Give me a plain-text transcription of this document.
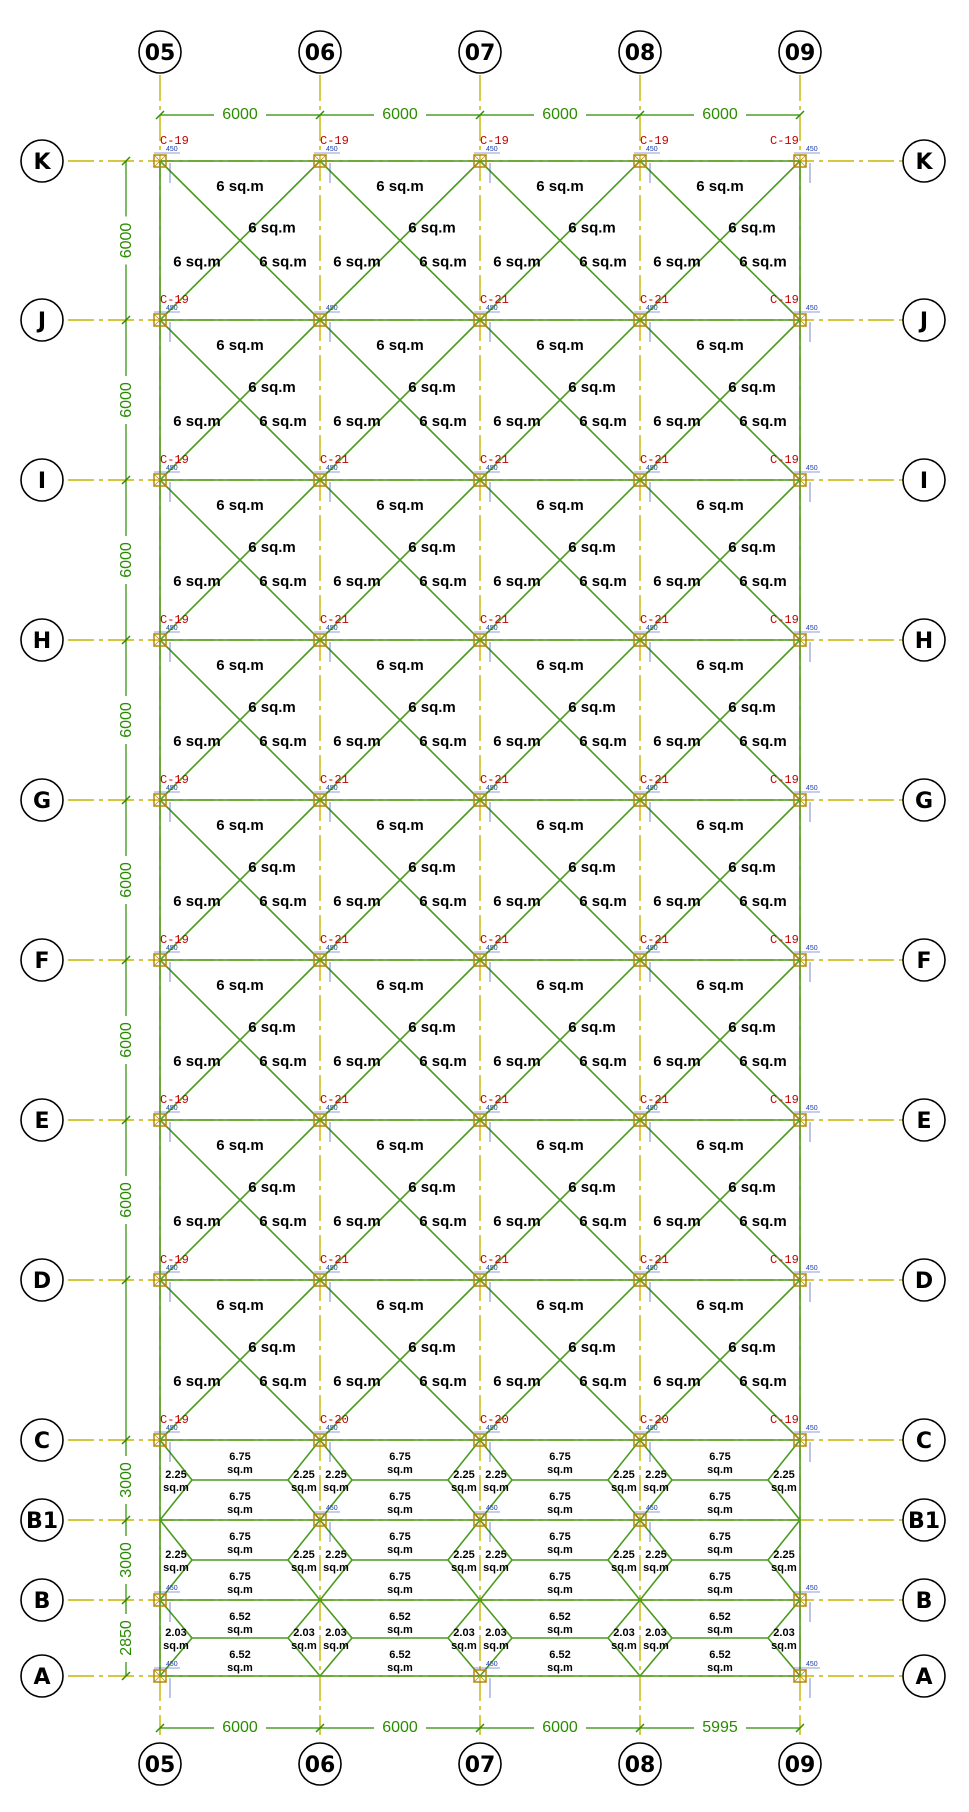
6000	6000	6000	6000
6000	6000	6000	5995
6000
6000
6000
6000
6000
6000
6000
3000
3000
2850
6 sq.m
6 sq.m	6 sq.m
6 sq.m
6 sq.m
6 sq.m	6 sq.m
6 sq.m
6 sq.m
6 sq.m	6 sq.m
6 sq.m
6 sq.m
6 sq.m	6 sq.m
6 sq.m
6 sq.m
6 sq.m	6 sq.m
6 sq.m
6 sq.m
6 sq.m	6 sq.m
6 sq.m
6 sq.m
6 sq.m	6 sq.m
6 sq.m
6 sq.m
6 sq.m	6 sq.m
6 sq.m
6 sq.m
6 sq.m	6 sq.m
6 sq.m
6 sq.m
6 sq.m	6 sq.m
6 sq.m
6 sq.m
6 sq.m	6 sq.m
6 sq.m
6 sq.m
6 sq.m	6 sq.m
6 sq.m
6 sq.m
6 sq.m	6 sq.m
6 sq.m
6 sq.m
6 sq.m	6 sq.m
6 sq.m
6 sq.m
6 sq.m	6 sq.m
6 sq.m
6 sq.m
6 sq.m	6 sq.m
6 sq.m
6 sq.m
6 sq.m	6 sq.m
6 sq.m
6 sq.m
6 sq.m	6 sq.m
6 sq.m
6 sq.m
6 sq.m	6 sq.m
6 sq.m
6 sq.m
6 sq.m	6 sq.m
6 sq.m
6 sq.m
6 sq.m	6 sq.m
6 sq.m
6 sq.m
6 sq.m	6 sq.m
6 sq.m
6 sq.m
6 sq.m	6 sq.m
6 sq.m
6 sq.m
6 sq.m	6 sq.m
6 sq.m
6 sq.m
6 sq.m	6 sq.m
6 sq.m
6 sq.m
6 sq.m	6 sq.m
6 sq.m
6 sq.m
6 sq.m	6 sq.m
6 sq.m
6 sq.m
6 sq.m	6 sq.m
6 sq.m
6 sq.m
6 sq.m	6 sq.m
6 sq.m
6 sq.m
6 sq.m	6 sq.m
6 sq.m
6 sq.m
6 sq.m	6 sq.m
6 sq.m
6 sq.m
6 sq.m	6 sq.m
6 sq.m
6.75
sq.m
6.75
sq.m
6.75
sq.m
6.75
sq.m
6.75
sq.m
6.75
sq.m
6.75
sq.m
6.75
sq.m
2.25
sq.m
2.25
sq.m
2.25
sq.m
2.25
sq.m
2.25
sq.m
2.25
sq.m
2.25
sq.m
2.25
sq.m
6.75
sq.m
6.75
sq.m
6.75
sq.m
6.75
sq.m
6.75
sq.m
6.75
sq.m
6.75
sq.m
6.75
sq.m
2.25
sq.m
2.25
sq.m
2.25
sq.m
2.25
sq.m
2.25
sq.m
2.25
sq.m
2.25
sq.m
2.25
sq.m
6.52
sq.m
6.52
sq.m
6.52
sq.m
6.52
sq.m
6.52
sq.m
6.52
sq.m
6.52
sq.m
6.52
sq.m
2.03
sq.m
2.03
sq.m
2.03
sq.m
2.03
sq.m
2.03
sq.m
2.03
sq.m
2.03
sq.m
2.03
sq.m
450
C-19
450
C-19
450
C-19
450
C-19
450
C-19
450
C-19
450	450
C-21
450
C-21
450
C-19
450
C-19
450
C-21
450
C-21
450
C-21
450
C-19
450
C-19
450
C-21
450
C-21
450
C-21
450
C-19
450
C-19
450
C-21
450
C-21
450
C-21
450
C-19
450
C-19
450
C-21
450
C-21
450
C-21
450
C-19
450
C-19
450
C-21
450
C-21
450
C-21
450
C-19
450
C-19
450
C-21
450
C-21
450
C-21
450
C-19
450
C-19
450
C-20
450
C-20
450
C-20
450
C-19
450	450	450
450	450
450	450	450
05
05
06
06
07
07
08
08
09
09
K	K
J	J
I	I
H	H
G	G
F	F
E	E
D	D
C	C
B1	B1
B	B
A	A
